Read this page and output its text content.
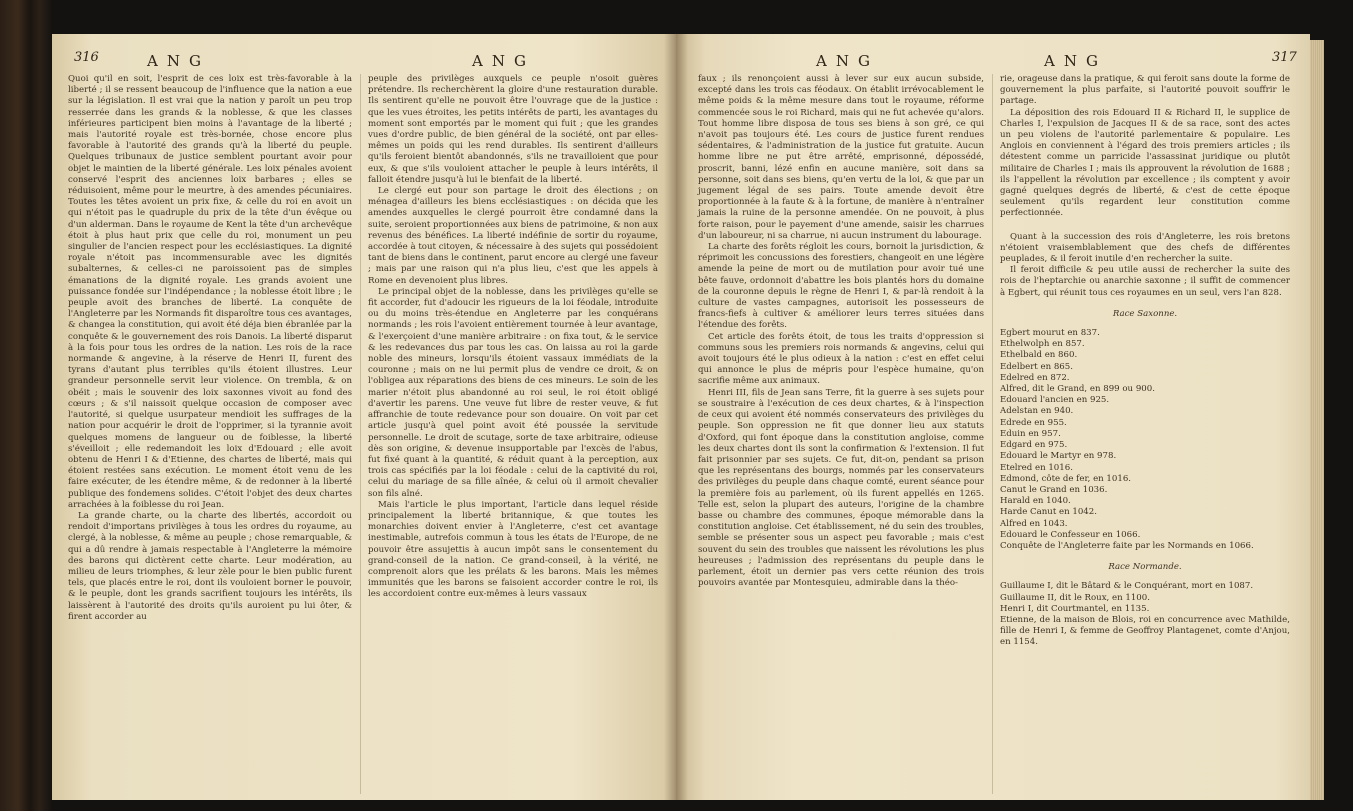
316	ANG	ANG

Quoi qu'il en soit, l'esprit de ces loix est très-favorable à la liberté ; il se ressent beaucoup de l'influence que la nation a eue sur la législation. Il est vrai que la nation y paroît un peu trop resserrée dans les grands & la noblesse, & que les classes inférieures participent bien moins à l'avantage de la liberté ; mais l'autorité royale est très-bornée, chose encore plus favorable à l'autorité des grands qu'à la liberté du peuple. Quelques tribunaux de justice semblent pourtant avoir pour objet le maintien de la liberté générale. Les loix pénales avoient conservé l'esprit des anciennes loix barbares ; elles se réduisoient, même pour le meurtre, à des amendes pécuniaires. Toutes les têtes avoient un prix fixe, & celle du roi en avoit un qui n'étoit pas le quadruple du prix de la tête d'un évêque ou d'un alderman. Dans le royaume de Kent la tête d'un archevêque étoit à plus haut prix que celle du roi, monument un peu singulier de l'ancien respect pour les ecclésiastiques. La dignité royale n'étoit pas incommensurable avec les dignités subalternes, & celles-ci ne paroissoient pas de simples émanations de la dignité royale. Les grands avoient une puissance fondée sur l'indépendance ; la noblesse étoit libre ; le peuple avoit des branches de liberté. La conquête de l'Angleterre par les Normands fit disparoître tous ces avantages, & changea la constitution, qui avoit été déja bien ébranlée par la conquête & le gouvernement des rois Danois. La liberté disparut à la fois pour tous les ordres de la nation. Les rois de la race normande & angevine, à la réserve de Henri II, furent des tyrans d'autant plus terribles qu'ils étoient illustres. Leur grandeur personnelle servit leur violence. On trembla, & on obéit ; mais le souvenir des loix saxonnes vivoit au fond des cœurs ; & s'il naissoit quelque occasion de composer avec l'autorité, si quelque usurpateur mendioit les suffrages de la nation pour acquérir le droit de l'opprimer, si la tyrannie avoit quelques momens de langueur ou de foiblesse, la liberté s'éveilloit ; elle redemandoit les loix d'Edouard ; elle avoit obtenu de Henri I & d'Etienne, des chartes de liberté, mais qui étoient restées sans exécution. Le moment étoit venu de les faire exécuter, de les étendre même, & de redonner à la liberté publique des fondemens solides. C'étoit l'objet des deux chartes arrachées à la foiblesse du roi Jean.

La grande charte, ou la charte des libertés, accordoit ou rendoit d'importans privilèges à tous les ordres du royaume, au clergé, à la noblesse, & même au peuple ; chose remarquable, & qui a dû rendre à jamais respectable à l'Angleterre la mémoire des barons qui dictèrent cette charte. Leur modération, au milieu de leurs triomphes, & leur zèle pour le bien public furent tels, que placés entre le roi, dont ils vouloient borner le pouvoir, & le peuple, dont les grands sacrifient toujours les intérêts, ils laissèrent à l'autorité des droits qu'ils auroient pu lui ôter, & firent accorder au

peuple des privilèges auxquels ce peuple n'osoit guères prétendre. Ils recherchèrent la gloire d'une restauration durable. Ils sentirent qu'elle ne pouvoit être l'ouvrage que de la justice : que les vues étroites, les petits intérêts de parti, les avantages du moment sont emportés par le moment qui fuit ; que les grandes vues d'ordre public, de bien général de la société, ont par elles-mêmes un poids qui les rend durables. Ils sentirent d'ailleurs qu'ils feroient bientôt abandonnés, s'ils ne travailloient que pour eux, & que s'ils vouloient attacher le peuple à leurs intérêts, il falloit étendre jusqu'à lui le bienfait de la liberté.

Le clergé eut pour son partage le droit des élections ; on ménagea d'ailleurs les biens ecclésiastiques : on décida que les amendes auxquelles le clergé pourroit être condamné dans la suite, seroient proportionnées aux biens de patrimoine, & non aux revenus des bénéfices. La liberté indéfinie de sortir du royaume, accordée à tout citoyen, & nécessaire à des sujets qui possédoient tant de biens dans le continent, parut encore au clergé une faveur ; mais par une raison qui n'a plus lieu, c'est que les appels à Rome en devenoient plus libres.

Le principal objet de la noblesse, dans les privilèges qu'elle se fit accorder, fut d'adoucir les rigueurs de la loi féodale, introduite ou du moins très-étendue en Angleterre par les conquérans normands ; les rois l'avoient entièrement tournée à leur avantage, & l'exerçoient d'une manière arbitraire : on fixa tout, & le service & les redevances dus par tous les cas. On laissa au roi la garde noble des mineurs, lorsqu'ils étoient vassaux immédiats de la couronne ; mais on ne lui permit plus de vendre ce droit, & on l'obligea aux réparations des biens de ces mineurs. Le soin de les marier n'étoit plus abandonné au roi seul, le roi étoit obligé d'avertir les parens. Une veuve fut libre de rester veuve, & fut affranchie de toute redevance pour son douaire. On voit par cet article jusqu'à quel point avoit été poussée la servitude personnelle. Le droit de scutage, sorte de taxe arbitraire, odieuse dès son origine, & devenue insupportable par l'excès de l'abus, fut fixé quant à la quantité, & réduit quant à la perception, aux trois cas spécifiés par la loi féodale : celui de la captivité du roi, celui du mariage de sa fille aînée, & celui où il armoit chevalier son fils aîné.

Mais l'article le plus important, l'article dans lequel réside principalement la liberté britannique, & que toutes les monarchies doivent envier à l'Angleterre, c'est cet avantage inestimable, autrefois commun à tous les états de l'Europe, de ne pouvoir être assujettis à aucun impôt sans le consentement du grand-conseil de la nation. Ce grand-conseil, à la vérité, ne comprenoit alors que les prélats & les barons. Mais les mêmes immunités que les barons se faisoient accorder contre le roi, ils les accordoient contre eux-mêmes à leurs vassaux

ANG	ANG	317

faux ; ils renonçoient aussi à lever sur eux aucun subside, excepté dans les trois cas féodaux. On établit irrévocablement le même poids & la même mesure dans tout le royaume, réforme commencée sous le roi Richard, mais qui ne fut achevée qu'alors. Tout homme libre disposa de tous ses biens à son gré, ce qui n'avoit pas toujours été. Les cours de justice furent rendues sédentaires, & l'administration de la justice fut gratuite. Aucun homme libre ne put être arrêté, emprisonné, dépossédé, proscrit, banni, lézé enfin en aucune manière, soit dans sa personne, soit dans ses biens, qu'en vertu de la loi, & que par un jugement légal de ses pairs. Toute amende devoit être proportionnée à la faute & à la fortune, de manière à n'entraîner jamais la ruine de la personne amendée. On ne pouvoit, à plus forte raison, pour le payement d'une amende, saisir les charrues d'un laboureur, ni sa charrue, ni aucun instrument du labourage.

La charte des forêts régloit les cours, bornoit la jurisdiction, & réprimoit les concussions des forestiers, changeoit en une légère amende la peine de mort ou de mutilation pour avoir tué une bête fauve, ordonnoit d'abattre les bois plantés hors du domaine de la couronne depuis le règne de Henri I, & par-là rendoit à la culture de vastes campagnes, autorisoit les possesseurs de francs-fiefs à cultiver & améliorer leurs terres situées dans l'étendue des forêts.

Cet article des forêts étoit, de tous les traits d'oppression si communs sous les premiers rois normands & angevins, celui qui avoit toujours été le plus odieux à la nation : c'est en effet celui qui annonce le plus de mépris pour l'espèce humaine, qu'on sacrifie même aux animaux.

Henri III, fils de Jean sans Terre, fit la guerre à ses sujets pour se soustraire à l'exécution de ces deux chartes, & à l'inspection de ceux qui avoient été nommés conservateurs des privilèges du peuple. Son oppression ne fit que donner lieu aux statuts d'Oxford, qui font époque dans la constitution angloise, comme les deux chartes dont ils sont la confirmation & l'extension. Il fut fait prisonnier par ses sujets. Ce fut, dit-on, pendant sa prison que les représentans des bourgs, nommés par les conservateurs des privilèges du peuple dans chaque comté, eurent séance pour la première fois au parlement, où ils furent appellés en 1265. Telle est, selon la plupart des auteurs, l'origine de la chambre basse ou chambre des communes, époque mémorable dans la constitution angloise. Cet établissement, né du sein des troubles, semble se présenter sous un aspect peu favorable ; mais c'est souvent du sein des troubles que naissent les révolutions les plus heureuses ; l'admission des représentans du peuple dans le parlement, étoit un dernier pas vers cette réunion des trois pouvoirs avantée par Montesquieu, admirable dans la théo-

rie, orageuse dans la pratique, & qui feroit sans doute la forme de gouvernement la plus parfaite, si l'autorité pouvoit souffrir le partage.

La déposition des rois Edouard II & Richard II, le supplice de Charles I, l'expulsion de Jacques II & de sa race, sont des actes un peu violens de l'autorité parlementaire & populaire. Les Anglois en conviennent à l'égard des trois premiers articles ; ils détestent comme un parricide l'assassinat juridique ou plutôt militaire de Charles I ; mais ils approuvent la révolution de 1688 ; ils l'appellent la révolution par excellence ; ils comptent y avoir gagné quelques degrés de liberté, & c'est de cette époque seulement qu'ils regardent leur constitution comme perfectionnée.

Quant à la succession des rois d'Angleterre, les rois bretons n'étoient vraisemblablement que des chefs de différentes peuplades, & il feroit inutile d'en rechercher la suite.

Il feroit difficile & peu utile aussi de rechercher la suite des rois de l'heptarchie ou anarchie saxonne ; il suffit de commencer à Egbert, qui réunit tous ces royaumes en un seul, vers l'an 828.

Race Saxonne.

Egbert mourut en 837.

Ethelwolph en 857.

Ethelbald en 860.

Edelbert en 865.

Edelred en 872.

Alfred, dit le Grand, en 899 ou 900.

Edouard l'ancien en 925.

Adelstan en 940.

Edrede en 955.

Eduin en 957.

Edgard en 975.

Edouard le Martyr en 978.

Etelred en 1016.

Edmond, côte de fer, en 1016.

Canut le Grand en 1036.

Harald en 1040.

Harde Canut en 1042.

Alfred en 1043.

Edouard le Confesseur en 1066.

Conquête de l'Angleterre faite par les Normands en 1066.

Race Normande.

Guillaume I, dit le Bâtard & le Conquérant, mort en 1087.

Guillaume II, dit le Roux, en 1100.

Henri I, dit Courtmantel, en 1135.

Etienne, de la maison de Blois, roi en concurrence avec Mathilde, fille de Henri I, & femme de Geoffroy Plantagenet, comte d'Anjou, en 1154.
